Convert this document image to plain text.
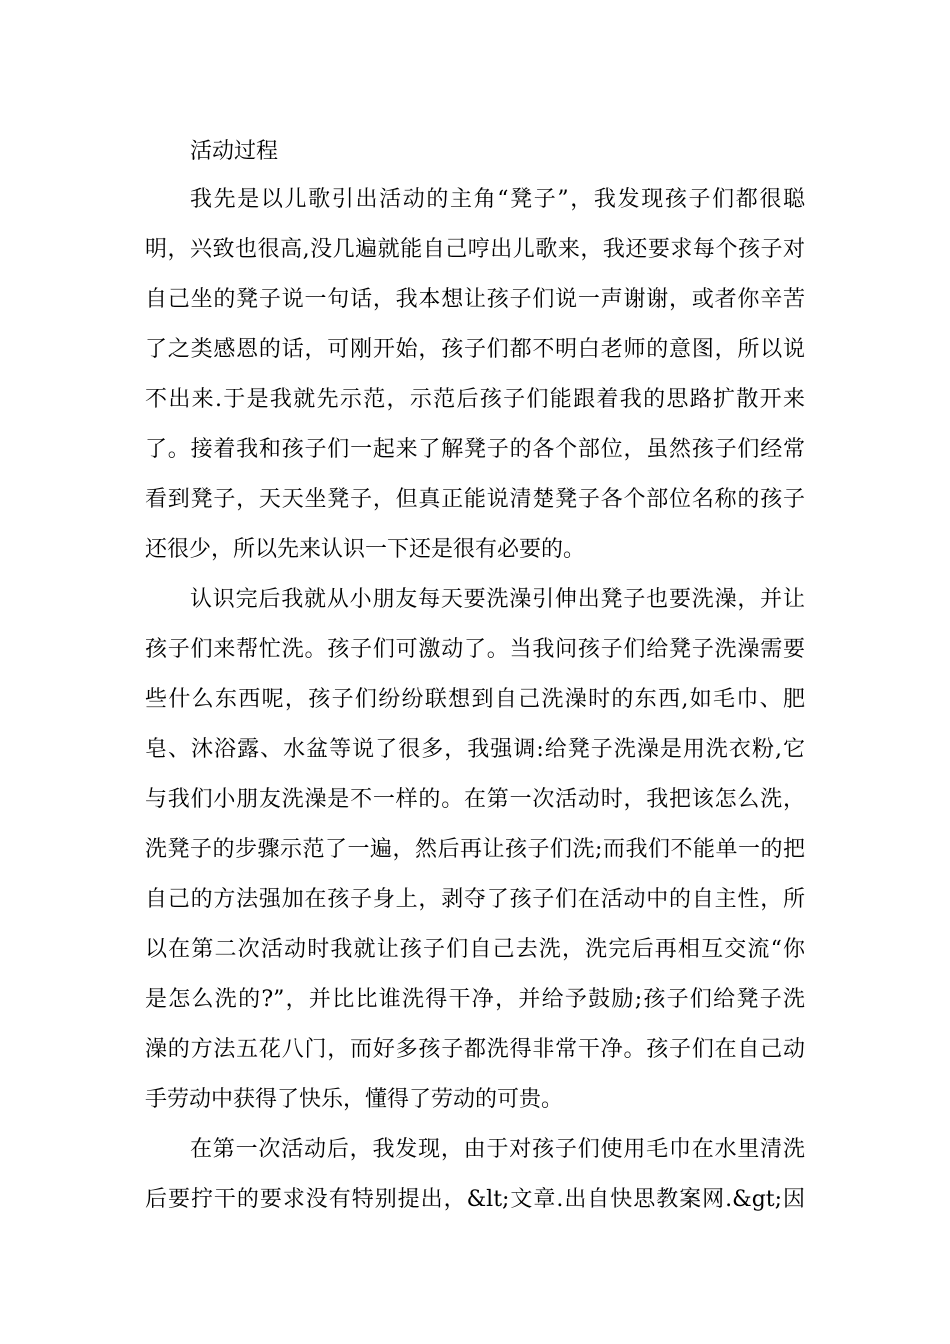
活动过程
我先是以儿歌引出活动的主角“凳子”，我发现孩子们都很聪
明，兴致也很高,没几遍就能自己哼出儿歌来，我还要求每个孩子对
自己坐的凳子说一句话，我本想让孩子们说一声谢谢，或者你辛苦
了之类感恩的话，可刚开始，孩子们都不明白老师的意图，所以说
不出来.于是我就先示范，示范后孩子们能跟着我的思路扩散开来
了。接着我和孩子们一起来了解凳子的各个部位，虽然孩子们经常
看到凳子，天天坐凳子，但真正能说清楚凳子各个部位名称的孩子
还很少，所以先来认识一下还是很有必要的。
认识完后我就从小朋友每天要洗澡引伸出凳子也要洗澡，并让
孩子们来帮忙洗。孩子们可激动了。当我问孩子们给凳子洗澡需要
些什么东西呢，孩子们纷纷联想到自己洗澡时的东西,如毛巾、肥
皂、沐浴露、水盆等说了很多，我强调:给凳子洗澡是用洗衣粉,它
与我们小朋友洗澡是不一样的。在第一次活动时，我把该怎么洗，
洗凳子的步骤示范了一遍，然后再让孩子们洗;而我们不能单一的把
自己的方法强加在孩子身上，剥夺了孩子们在活动中的自主性，所
以在第二次活动时我就让孩子们自己去洗，洗完后再相互交流“你
是怎么洗的?”，并比比谁洗得干净，并给予鼓励;孩子们给凳子洗
澡的方法五花八门，而好多孩子都洗得非常干净。孩子们在自己动
手劳动中获得了快乐，懂得了劳动的可贵。
在第一次活动后，我发现，由于对孩子们使用毛巾在水里清洗
后要拧干的要求没有特别提出，&lt;文章.出自快思教案网.&gt;因
